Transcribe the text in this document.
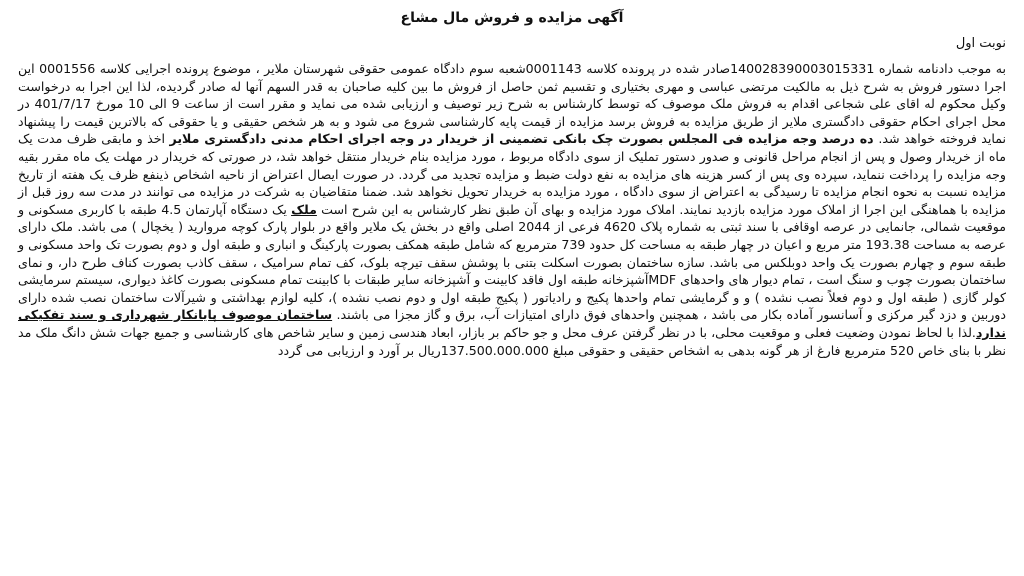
آگهی مزایده و فروش مال مشاع
نوبت اول

به موجب دادنامه شماره 140028390003015331صادر شده در پرونده کلاسه 0001143شعبه سوم دادگاه عمومی حقوقی شهرستان ملایر ، موضوع پرونده اجرایی کلاسه 0001556 این اجرا دستور فروش به شرح ذیل به مالکیت مرتضی عباسی و مهری بختیاری و تقسیم ثمن حاصل از فروش ما بین کلیه صاحبان به قدر السهم آنها له صادر گردیده، لذا این اجرا به درخواست وکیل محکوم له اقای علی شجاعی اقدام به فروش ملک موصوف که توسط کارشناس به شرح زیر توصیف و ارزیابی شده می نماید و مقرر است از ساعت 9 الی 10 مورخ 401/7/17 در محل اجرای احکام حقوقی دادگستری ملایر از طریق مزایده به فروش برسد مزایده از قیمت پایه کارشناسی شروع می شود و به هر شخص حقیقی و یا حقوقی که بالاترین قیمت را پیشنهاد نماید فروخته خواهد شد. ده درصد وجه مزایده فی المجلس بصورت چک بانکی تضمینی از خریدار در وجه اجرای احکام مدنی دادگستری ملایر اخذ و مابقی ظرف مدت یک ماه از خریدار وصول و پس از انجام مراحل قانونی و صدور دستور تملیک از سوی دادگاه مربوط ، مورد مزایده بنام خریدار منتقل خواهد شد، در صورتی که خریدار در مهلت یک ماه مقرر بقیه وجه مزایده را پرداخت ننماید، سپرده وی پس از کسر هزینه های مزایده به نفع دولت ضبط و مزایده تجدید می گردد. در صورت ایصال اعتراض از ناحیه اشخاص ذینفع ظرف یک هفته از تاریخ مزایده نسبت به نحوه انجام مزایده تا رسیدگی به اعتراض از سوی دادگاه ، مورد مزایده به خریدار تحویل نخواهد شد. ضمنا متقاضیان به شرکت در مزایده می توانند در مدت سه روز قبل از مزایده با هماهنگی این اجرا از املاک مورد مزایده بازدید نمایند. املاک مورد مزایده و بهای آن طبق نظر کارشناس به این شرح است ملک یک دستگاه آپارتمان 4.5 طبقه با کاربری مسکونی و موقعیت شمالی، جانمایی در عرصه اوقافی با سند ثبتی به شماره پلاک 4620 فرعی از 2044 اصلی واقع در بخش یک ملایر واقع در بلوار پارک کوچه مروارید ( یخچال ) می باشد. ملک دارای عرصه به مساحت 193.38 متر مربع و اعیان در چهار طبقه به مساحت کل حدود 739 مترمربع که شامل طبقه همکف بصورت پارکینگ و انباری و طبقه اول و دوم بصورت تک واحد مسکونی و طبقه سوم و چهارم بصورت یک واحد دوبلکس می باشد. سازه ساختمان بصورت اسکلت بتنی با پوشش سقف تیرچه بلوک، کف تمام سرامیک ، سقف کاذب بصورت کناف طرح دار، و نمای ساختمان بصورت چوب و سنگ است ، تمام دیوار های واحدهای MDFآشپزخانه طبقه اول فاقد کابینت و آشپزخانه سایر طبقات با کابینت تمام مسکونی بصورت کاغذ دیواری، سیستم سرمایشی کولر گازی ( طبقه اول و دوم فعلاً نصب نشده ) و و گرمایشی تمام واحدها پکیج و رادیاتور ( پکیج طبقه اول و دوم نصب نشده )، کلیه لوازم بهداشتی و شیرآلات ساختمان نصب شده دارای دوربین و دزد گیر مرکزی و آسانسور آماده بکار می باشد ، همچنین واحدهای فوق دارای امتیازات آب، برق و گاز مجزا می باشند. ساختمان موصوف پایانکار شهرداری و سند تفکیکی ندارد.لذا با لحاظ نمودن وضعیت فعلی و موقعیت محلی، با در نظر گرفتن عرف محل و جو حاکم بر بازار، ابعاد هندسی زمین و سایر شاخص های کارشناسی و جمیع جهات شش دانگ ملک مد نظر با بنای خاص 520 مترمربع فارغ از هر گونه بدهی به اشخاص حقیقی و حقوقی مبلغ 137.500.000.000ریال بر آورد و ارزیابی می گردد
